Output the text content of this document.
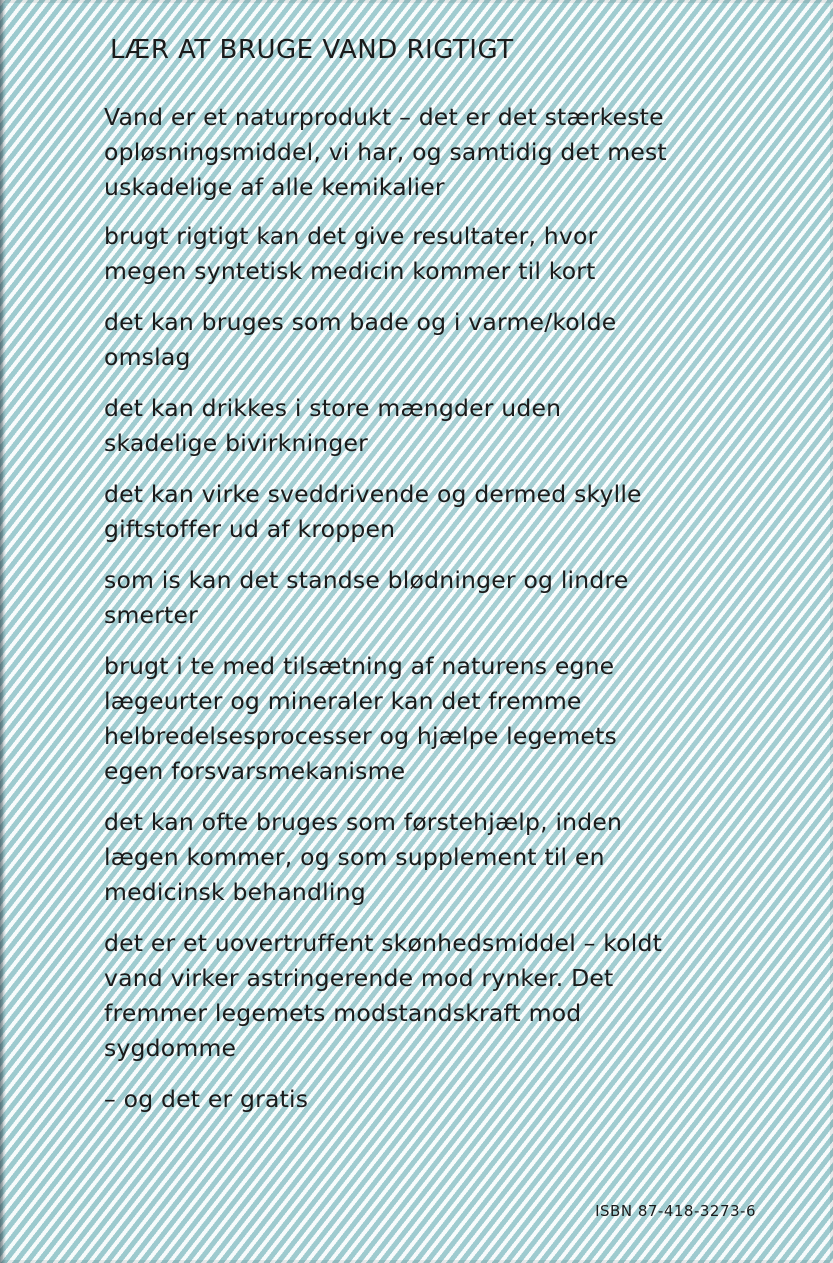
LÆR AT BRUGE VAND RIGTIGT

Vand er et naturprodukt – det er det stærkeste
opløsningsmiddel, vi har, og samtidig det mest
uskadelige af alle kemikalier

brugt rigtigt kan det give resultater, hvor
megen syntetisk medicin kommer til kort

det kan bruges som bade og i varme/kolde
omslag

det kan drikkes i store mængder uden
skadelige bivirkninger

det kan virke sveddrivende og dermed skylle
giftstoffer ud af kroppen

som is kan det standse blødninger og lindre
smerter

brugt i te med tilsætning af naturens egne
lægeurter og mineraler kan det fremme
helbredelsesprocesser og hjælpe legemets
egen forsvarsmekanisme

det kan ofte bruges som førstehjælp, inden
lægen kommer, og som supplement til en
medicinsk behandling

det er et uovertruffent skønhedsmiddel – koldt
vand virker astringerende mod rynker. Det
fremmer legemets modstandskraft mod
sygdomme

– og det er gratis

ISBN 87-418-3273-6
